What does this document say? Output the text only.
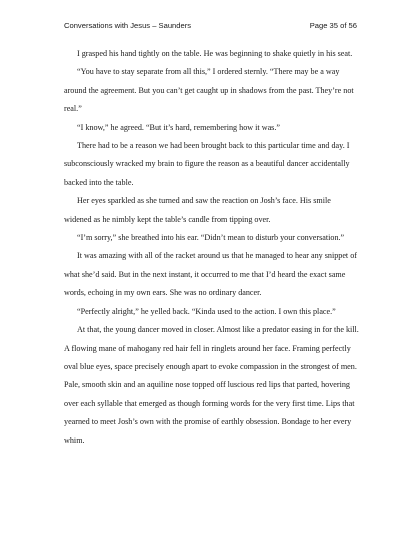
Conversations with Jesus – Saunders	Page 35 of 56

I grasped his hand tightly on the table. He was beginning to shake quietly in his seat.

“You have to stay separate from all this,” I ordered sternly. “There may be a way around the agreement. But you can’t get caught up in shadows from the past. They’re not real.”

“I know,” he agreed. “But it’s hard, remembering how it was.”

There had to be a reason we had been brought back to this particular time and day. I subconsciously wracked my brain to figure the reason as a beautiful dancer accidentally backed into the table.

Her eyes sparkled as she turned and saw the reaction on Josh’s face. His smile widened as he nimbly kept the table’s candle from tipping over.

“I’m sorry,” she breathed into his ear. “Didn’t mean to disturb your conversation.”

It was amazing with all of the racket around us that he managed to hear any snippet of what she’d said. But in the next instant, it occurred to me that I’d heard the exact same words, echoing in my own ears. She was no ordinary dancer.

“Perfectly alright,” he yelled back. “Kinda used to the action. I own this place.”

At that, the young dancer moved in closer. Almost like a predator easing in for the kill. A flowing mane of mahogany red hair fell in ringlets around her face. Framing perfectly oval blue eyes, space precisely enough apart to evoke compassion in the strongest of men. Pale, smooth skin and an aquiline nose topped off luscious red lips that parted, hovering over each syllable that emerged as though forming words for the very first time. Lips that yearned to meet Josh’s own with the promise of earthly obsession. Bondage to her every whim.
